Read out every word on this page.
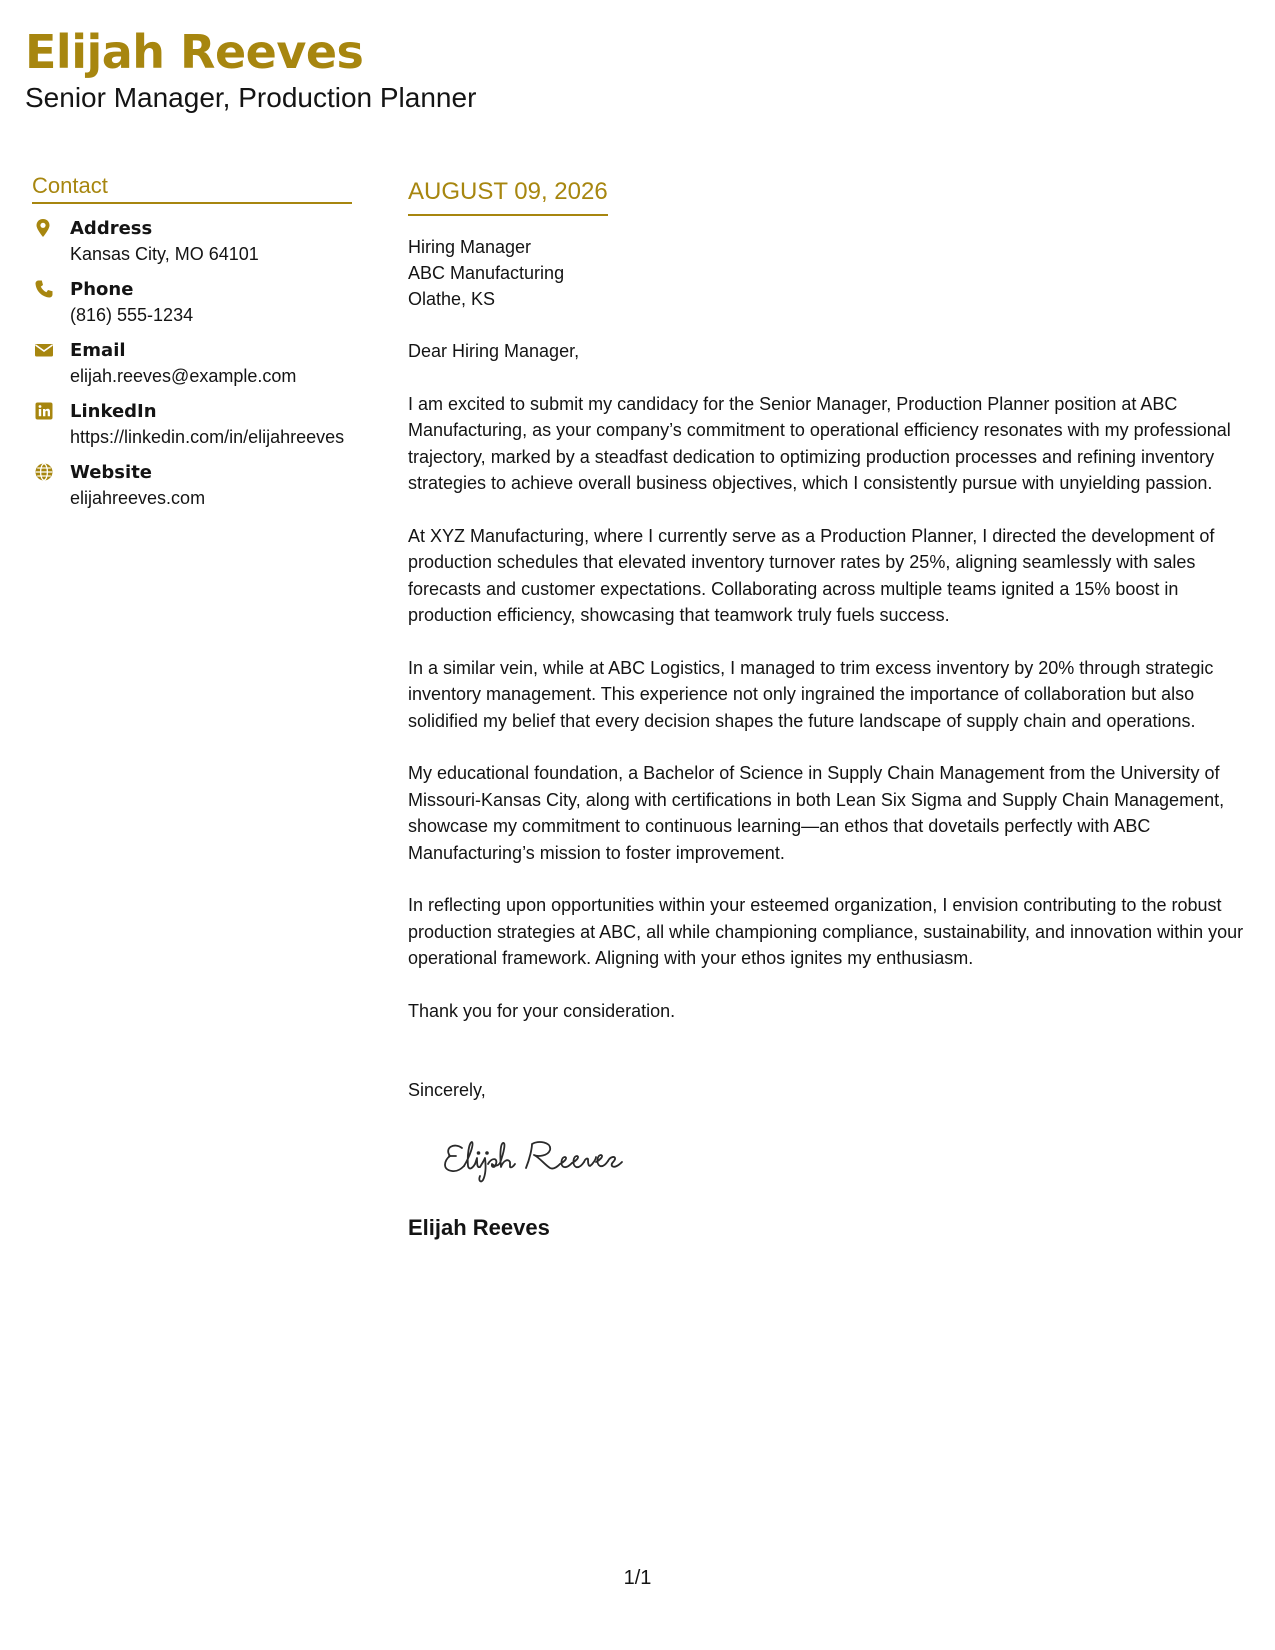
Elijah Reeves
Senior Manager, Production Planner
Contact
Address
Kansas City, MO 64101
Phone
(816) 555-1234
Email
elijah.reeves@example.com
LinkedIn
https://linkedin.com/in/elijahreeves
Website
elijahreeves.com
AUGUST 09, 2026
Hiring Manager
ABC Manufacturing
Olathe, KS

Dear Hiring Manager,

I am excited to submit my candidacy for the Senior Manager, Production Planner position at ABC Manufacturing, as your company’s commitment to operational efficiency resonates with my professional trajectory, marked by a steadfast dedication to optimizing production processes and refining inventory strategies to achieve overall business objectives, which I consistently pursue with unyielding passion.

At XYZ Manufacturing, where I currently serve as a Production Planner, I directed the development of production schedules that elevated inventory turnover rates by 25%, aligning seamlessly with sales forecasts and customer expectations. Collaborating across multiple teams ignited a 15% boost in production efficiency, showcasing that teamwork truly fuels success.

In a similar vein, while at ABC Logistics, I managed to trim excess inventory by 20% through strategic inventory management. This experience not only ingrained the importance of collaboration but also solidified my belief that every decision shapes the future landscape of supply chain and operations.

My educational foundation, a Bachelor of Science in Supply Chain Management from the University of Missouri-Kansas City, along with certifications in both Lean Six Sigma and Supply Chain Management, showcase my commitment to continuous learning—an ethos that dovetails perfectly with ABC Manufacturing’s mission to foster improvement.

In reflecting upon opportunities within your esteemed organization, I envision contributing to the robust production strategies at ABC, all while championing compliance, sustainability, and innovation within your operational framework. Aligning with your ethos ignites my enthusiasm.

Thank you for your consideration.

Sincerely,

Elijah Reeves
1/1
